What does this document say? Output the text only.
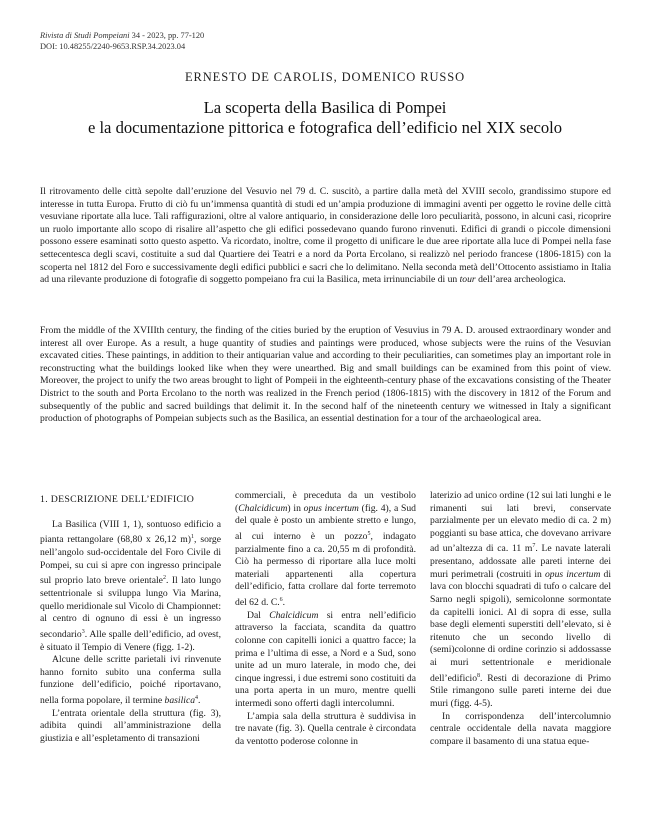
Rivista di Studi Pompeiani 34 - 2023, pp. 77-120
DOI: 10.48255/2240-9653.RSP.34.2023.04
ERNESTO DE CAROLIS, DOMENICO RUSSO
La scoperta della Basilica di Pompei
e la documentazione pittorica e fotografica dell’edificio nel XIX secolo

Il ritrovamento delle città sepolte dall’eruzione del Vesuvio nel 79 d. C. suscitò, a partire dalla metà del XVIII secolo, grandissimo stupore ed interesse in tutta Europa. Frutto di ciò fu un’immensa quantità di studi ed un’ampia produzione di immagini aventi per oggetto le rovine delle città vesuviane riportate alla luce. Tali raffigurazioni, oltre al valore antiquario, in considerazione delle loro peculiarità, possono, in alcuni casi, ricoprire un ruolo importante allo scopo di risalire all’aspetto che gli edifici possedevano quando furono rinvenuti. Edifici di grandi o piccole dimensioni possono essere esaminati sotto questo aspetto. Va ricordato, inoltre, come il progetto di unificare le due aree riportate alla luce di Pompei nella fase settecentesca degli scavi, costituite a sud dal Quartiere dei Teatri e a nord da Porta Ercolano, si realizzò nel periodo francese (1806-1815) con la scoperta nel 1812 del Foro e successivamente degli edifici pubblici e sacri che lo delimitano. Nella seconda metà dell’Ottocento assistiamo in Italia ad una rilevante produzione di fotografie di soggetto pompeiano fra cui la Basilica, meta irrinunciabile di un tour dell’area archeologica.

From the middle of the XVIIIth century, the finding of the cities buried by the eruption of Vesuvius in 79 A. D. aroused extraordinary wonder and interest all over Europe. As a result, a huge quantity of studies and paintings were produced, whose subjects were the ruins of the Vesuvian excavated cities. These paintings, in addition to their antiquarian value and according to their peculiarities, can sometimes play an important role in reconstructing what the buildings looked like when they were unearthed. Big and small buildings can be examined from this point of view. Moreover, the project to unify the two areas brought to light of Pompeii in the eighteenth-century phase of the excavations consisting of the Theater District to the south and Porta Ercolano to the north was realized in the French period (1806-1815) with the discovery in 1812 of the Forum and subsequently of the public and sacred buildings that delimit it. In the second half of the nineteenth century we witnessed in Italy a significant production of photographs of Pompeian subjects such as the Basilica, an essential destination for a tour of the archaeological area.

1. DESCRIZIONE DELL’EDIFICIO

La Basilica (VIII 1, 1), sontuoso edificio a pianta rettangolare (68,80 x 26,12 m)$^1$, sorge nell’angolo sud-occidentale del Foro Civile di Pompei, su cui si apre con ingresso principale sul proprio lato breve orientale$^2$. Il lato lungo settentrionale si sviluppa lungo Via Marina, quello meridionale sul Vicolo di Championnet: al centro di ognuno di essi è un ingresso secondario$^3$. Alle spalle dell’edificio, ad ovest, è situato il Tempio di Venere (figg. 1-2).

Alcune delle scritte parietali ivi rinvenute hanno fornito subito una conferma sulla funzione dell’edificio, poiché riportavano, nella forma popolare, il termine basilica$^4$.

L’entrata orientale della struttura (fig. 3), adibita quindi all’amministrazione della giustizia e all’espletamento di transazioni

commerciali, è preceduta da un vestibolo (Chalcidicum) in opus incertum (fig. 4), a Sud del quale è posto un ambiente stretto e lungo, al cui interno è un pozzo$^5$, indagato parzialmente fino a ca. 20,55 m di profondità. Ciò ha permesso di riportare alla luce molti materiali appartenenti alla copertura dell’edificio, fatta crollare dal forte terremoto del 62 d. C.$^6$.

Dal Chalcidicum si entra nell’edificio attraverso la facciata, scandita da quattro colonne con capitelli ionici a quattro facce; la prima e l’ultima di esse, a Nord e a Sud, sono unite ad un muro laterale, in modo che, dei cinque ingressi, i due estremi sono costituiti da una porta aperta in un muro, mentre quelli intermedi sono offerti dagli intercolumni.

L’ampia sala della struttura è suddivisa in tre navate (fig. 3). Quella centrale è circondata da ventotto poderose colonne in

laterizio ad unico ordine (12 sui lati lunghi e le rimanenti sui lati brevi, conservate parzialmente per un elevato medio di ca. 2 m) poggianti su base attica, che dovevano arrivare ad un’altezza di ca. 11 $m^7$. Le navate laterali presentano, addossate alle pareti interne dei muri perimetrali (costruiti in opus incertum di lava con blocchi squadrati di tufo o calcare del Sarno negli spigoli), semicolonne sormontate da capitelli ionici. Al di sopra di esse, sulla base degli elementi superstiti dell’elevato, si è ritenuto che un secondo livello di (semi)colonne di ordine corinzio si addossasse ai muri settentrionale e meridionale dell’edificio$^8$. Resti di decorazione di Primo Stile rimangono sulle pareti interne dei due muri (figg. 4-5).

In corrispondenza dell’intercolumnio centrale occidentale della navata maggiore compare il basamento di una statua eque-
